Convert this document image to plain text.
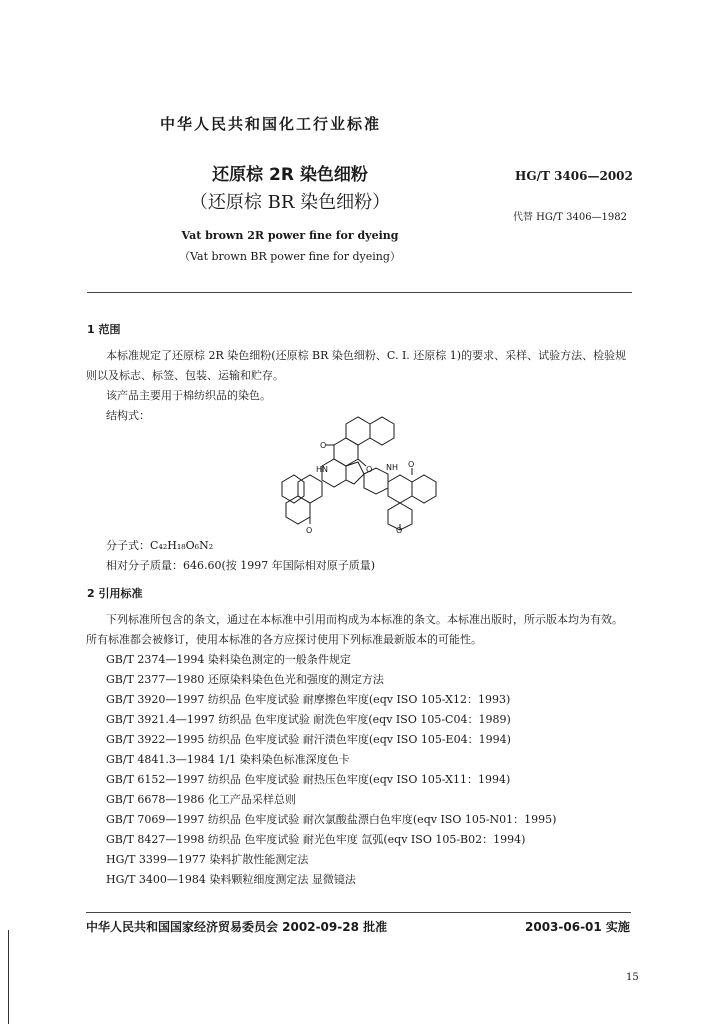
中华人民共和国化工行业标准
还原棕 2R 染色细粉
（还原棕 BR 染色细粉）
Vat brown 2R power fine for dyeing
（Vat brown BR power fine for dyeing）
HG/T 3406—2002
代替 HG/T 3406—1982
1 范围
本标准规定了还原棕 2R 染色细粉(还原棕 BR 染色细粉、C. I. 还原棕 1)的要求、采样、试验方法、检验规则以及标志、标签、包装、运输和贮存。
该产品主要用于棉纺织品的染色。
结构式：
O
O
HN	NH
O
O
O
分子式：C₄₂H₁₈O₆N₂
相对分子质量：646.60(按 1997 年国际相对原子质量)
2 引用标准
下列标准所包含的条文，通过在本标准中引用而构成为本标准的条文。本标准出版时，所示版本均为有效。所有标准都会被修订，使用本标准的各方应探讨使用下列标准最新版本的可能性。
GB/T 2374—1994 染料染色测定的一般条件规定
GB/T 2377—1980 还原染料染色色光和强度的测定方法
GB/T 3920—1997 纺织品 色牢度试验 耐摩擦色牢度(eqv ISO 105-X12：1993)
GB/T 3921.4—1997 纺织品 色牢度试验 耐洗色牢度(eqv ISO 105-C04：1989)
GB/T 3922—1995 纺织品 色牢度试验 耐汗渍色牢度(eqv ISO 105-E04：1994)
GB/T 4841.3—1984 1/1 染料染色标准深度色卡
GB/T 6152—1997 纺织品 色牢度试验 耐热压色牢度(eqv ISO 105-X11：1994)
GB/T 6678—1986 化工产品采样总则
GB/T 7069—1997 纺织品 色牢度试验 耐次氯酸盐漂白色牢度(eqv ISO 105-N01：1995)
GB/T 8427—1998 纺织品 色牢度试验 耐光色牢度 氙弧(eqv ISO 105-B02：1994)
HG/T 3399—1977 染料扩散性能测定法
HG/T 3400—1984 染料颗粒细度测定法 显微镜法
中华人民共和国国家经济贸易委员会 2002-09-28 批准	2003-06-01 实施
15
